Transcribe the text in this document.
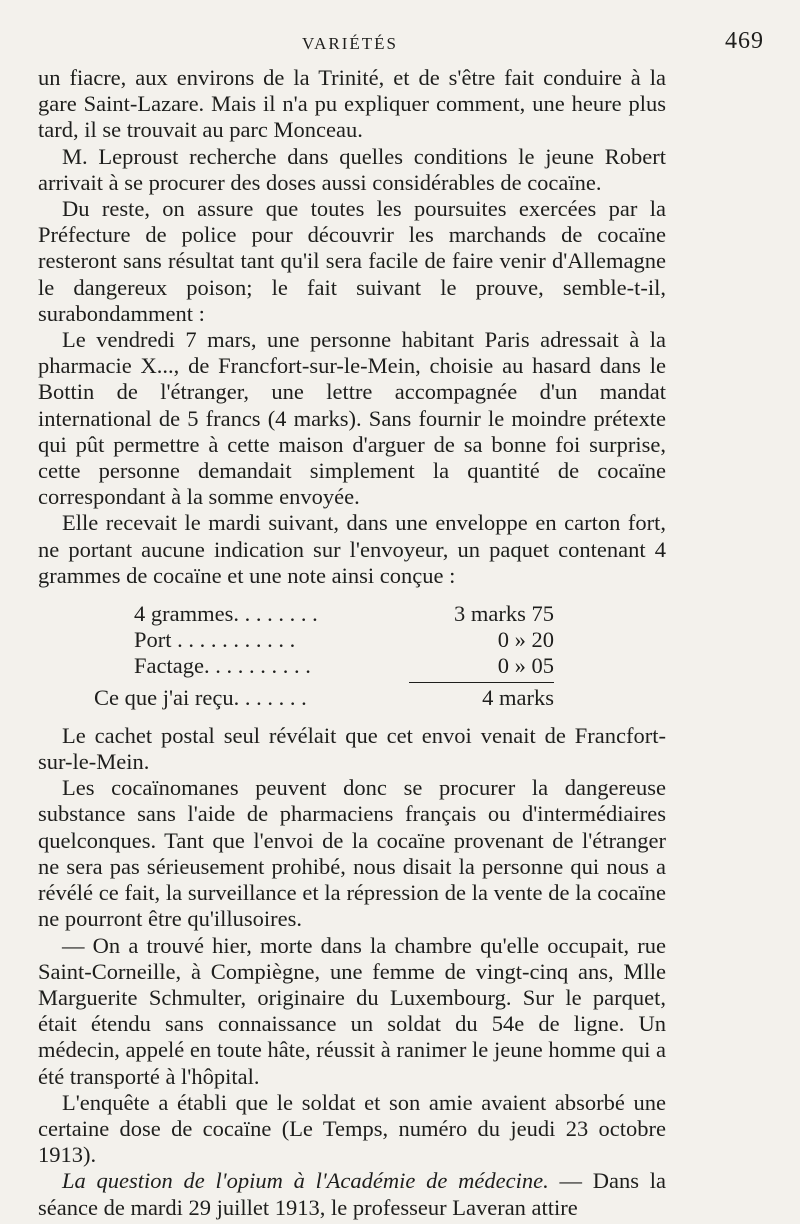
VARIÉTÉS	469

un fiacre, aux environs de la Trinité, et de s'être fait conduire à la gare Saint-Lazare. Mais il n'a pu expliquer comment, une heure plus tard, il se trouvait au parc Monceau.

M. Leproust recherche dans quelles conditions le jeune Robert arrivait à se procurer des doses aussi considérables de cocaïne.

Du reste, on assure que toutes les poursuites exercées par la Préfecture de police pour découvrir les marchands de cocaïne resteront sans résultat tant qu'il sera facile de faire venir d'Allemagne le dangereux poison; le fait suivant le prouve, semble-t-il, surabondamment :

Le vendredi 7 mars, une personne habitant Paris adressait à la pharmacie X..., de Francfort-sur-le-Mein, choisie au hasard dans le Bottin de l'étranger, une lettre accompagnée d'un mandat international de 5 francs (4 marks). Sans fournir le moindre prétexte qui pût permettre à cette maison d'arguer de sa bonne foi surprise, cette personne demandait simplement la quantité de cocaïne correspondant à la somme envoyée.

Elle recevait le mardi suivant, dans une enveloppe en carton fort, ne portant aucune indication sur l'envoyeur, un paquet contenant 4 grammes de cocaïne et une note ainsi conçue :

4 grammes. . . . . . . .	3 marks 75
Port . . . . . . . . . . .	0 » 20
Factage. . . . . . . . . .	0 » 05
Ce que j'ai reçu. . . . . . .	4 marks

Le cachet postal seul révélait que cet envoi venait de Francfort-sur-le-Mein.

Les cocaïnomanes peuvent donc se procurer la dangereuse substance sans l'aide de pharmaciens français ou d'intermédiaires quelconques. Tant que l'envoi de la cocaïne provenant de l'étranger ne sera pas sérieusement prohibé, nous disait la personne qui nous a révélé ce fait, la surveillance et la répression de la vente de la cocaïne ne pourront être qu'illusoires.

— On a trouvé hier, morte dans la chambre qu'elle occupait, rue Saint-Corneille, à Compiègne, une femme de vingt-cinq ans, Mlle Marguerite Schmulter, originaire du Luxembourg. Sur le parquet, était étendu sans connaissance un soldat du 54e de ligne. Un médecin, appelé en toute hâte, réussit à ranimer le jeune homme qui a été transporté à l'hôpital.

L'enquête a établi que le soldat et son amie avaient absorbé une certaine dose de cocaïne (Le Temps, numéro du jeudi 23 octobre 1913).

La question de l'opium à l'Académie de médecine. — Dans la séance de mardi 29 juillet 1913, le professeur Laveran attire
